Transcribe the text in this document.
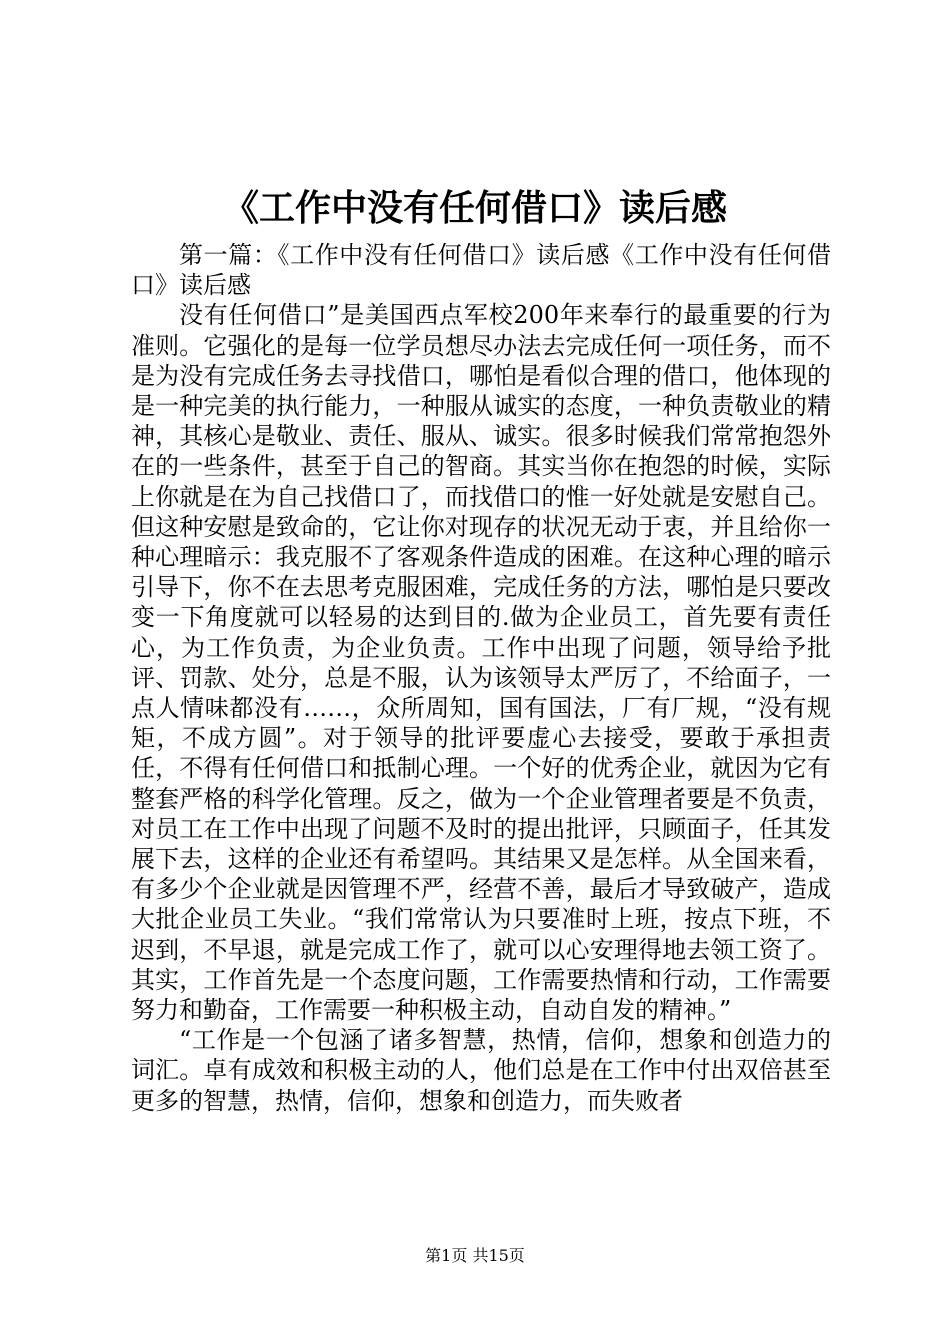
《工作中没有任何借口》读后感

第一篇：《工作中没有任何借口》读后感《工作中没有任何借口》读后感

没有任何借口”是美国西点军校200年来奉行的最重要的行为准则。它强化的是每一位学员想尽办法去完成任何一项任务，而不是为没有完成任务去寻找借口，哪怕是看似合理的借口，他体现的是一种完美的执行能力，一种服从诚实的态度，一种负责敬业的精神，其核心是敬业、责任、服从、诚实。很多时候我们常常抱怨外在的一些条件，甚至于自己的智商。其实当你在抱怨的时候，实际上你就是在为自己找借口了，而找借口的惟一好处就是安慰自己。但这种安慰是致命的，它让你对现存的状况无动于衷，并且给你一种心理暗示：我克服不了客观条件造成的困难。在这种心理的暗示引导下，你不在去思考克服困难，完成任务的方法，哪怕是只要改变一下角度就可以轻易的达到目的.做为企业员工，首先要有责任心，为工作负责，为企业负责。工作中出现了问题，领导给予批评、罚款、处分，总是不服，认为该领导太严厉了，不给面子，一点人情味都没有……，众所周知，国有国法，厂有厂规，“没有规矩，不成方圆”。对于领导的批评要虚心去接受，要敢于承担责任，不得有任何借口和抵制心理。一个好的优秀企业，就因为它有整套严格的科学化管理。反之，做为一个企业管理者要是不负责，对员工在工作中出现了问题不及时的提出批评，只顾面子，任其发展下去，这样的企业还有希望吗。其结果又是怎样。从全国来看，有多少个企业就是因管理不严，经营不善，最后才导致破产，造成大批企业员工失业。“我们常常认为只要准时上班，按点下班，不迟到，不早退，就是完成工作了，就可以心安理得地去领工资了。其实，工作首先是一个态度问题，工作需要热情和行动，工作需要努力和勤奋，工作需要一种积极主动，自动自发的精神。”

“工作是一个包涵了诸多智慧，热情，信仰，想象和创造力的词汇。卓有成效和积极主动的人，他们总是在工作中付出双倍甚至更多的智慧，热情，信仰，想象和创造力，而失败者

第1页 共15页
